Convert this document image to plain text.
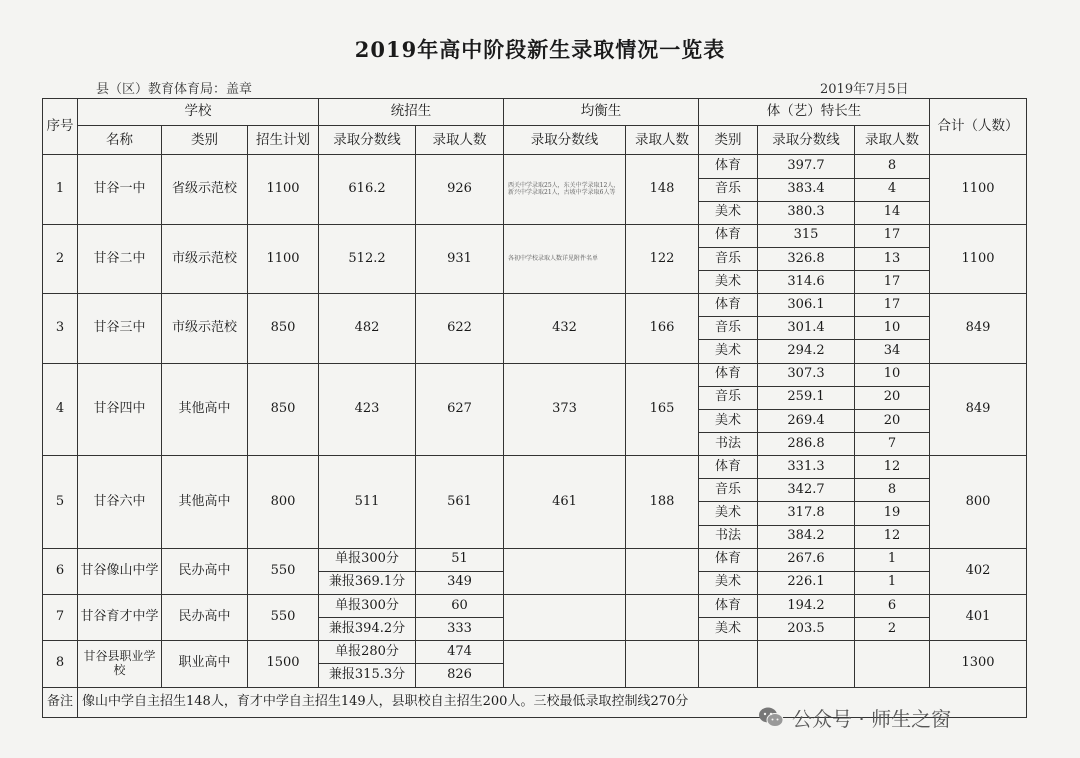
2019年高中阶段新生录取情况一览表
县（区）教育体育局：盖章	2019年7月5日
序号	学校			统招生		均衡生		体（艺）特长生			合计（人数）
	名称	类别	招生计划	录取分数线	录取人数	录取分数线	录取人数	类别	录取分数线	录取人数	
1	甘谷一中	省级示范校	1100	616.2	926	西关中学录取25人，东关中学录取12人，新兴中学录取21人，古坡中学录取6人等	148	体育	397.7	8	1100
								音乐	383.4	4	
								美术	380.3	14	
2	甘谷二中	市级示范校	1100	512.2	931	各初中学校录取人数详见附件名单	122	体育	315	17	1100
								音乐	326.8	13	
								美术	314.6	17	
3	甘谷三中	市级示范校	850	482	622	432	166	体育	306.1	17	849
								音乐	301.4	10	
								美术	294.2	34	
4	甘谷四中	其他高中	850	423	627	373	165	体育	307.3	10	849
								音乐	259.1	20	
								美术	269.4	20	
								书法	286.8	7	
5	甘谷六中	其他高中	800	511	561	461	188	体育	331.3	12	800
								音乐	342.7	8	
								美术	317.8	19	
								书法	384.2	12	
6	甘谷像山中学	民办高中	550	单报300分	51			体育	267.6	1	402
				兼报369.1分	349			美术	226.1	1	
7	甘谷育才中学	民办高中	550	单报300分	60			体育	194.2	6	401
				兼报394.2分	333			美术	203.5	2	
8	甘谷县职业学校	职业高中	1500	单报280分	474						1300
				兼报315.3分	826						
备注	像山中学自主招生148人，育才中学自主招生149人，县职校自主招生200人。三校最低录取控制线270分										
公众号 · 师生之窗
